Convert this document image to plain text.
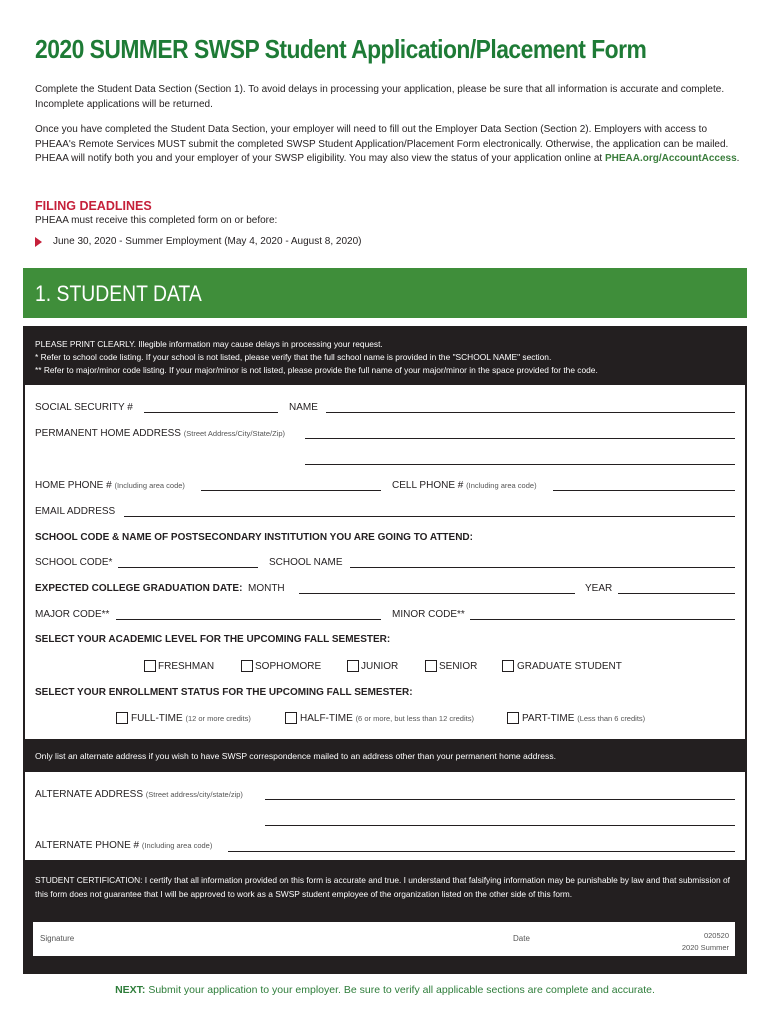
2020 SUMMER SWSP Student Application/Placement Form
Complete the Student Data Section (Section 1). To avoid delays in processing your application, please be sure that all information is accurate and complete. Incomplete applications will be returned.
Once you have completed the Student Data Section, your employer will need to fill out the Employer Data Section (Section 2). Employers with access to PHEAA's Remote Services MUST submit the completed SWSP Student Application/Placement Form electronically. Otherwise, the application can be mailed. PHEAA will notify both you and your employer of your SWSP eligibility. You may also view the status of your application online at PHEAA.org/AccountAccess.
FILING DEADLINES
PHEAA must receive this completed form on or before:
June 30, 2020 - Summer Employment (May 4, 2020 - August 8, 2020)
1. STUDENT DATA
PLEASE PRINT CLEARLY. Illegible information may cause delays in processing your request.
* Refer to school code listing. If your school is not listed, please verify that the full school name is provided in the "SCHOOL NAME" section.
** Refer to major/minor code listing. If your major/minor is not listed, please provide the full name of your major/minor in the space provided for the code.
SOCIAL SECURITY #	NAME
PERMANENT HOME ADDRESS (Street Address/City/State/Zip)
HOME PHONE # (Including area code)	CELL PHONE # (Including area code)
EMAIL ADDRESS
SCHOOL CODE & NAME OF POSTSECONDARY INSTITUTION YOU ARE GOING TO ATTEND:
SCHOOL CODE*	SCHOOL NAME
EXPECTED COLLEGE GRADUATION DATE: MONTH	YEAR
MAJOR CODE**	MINOR CODE**
SELECT YOUR ACADEMIC LEVEL FOR THE UPCOMING FALL SEMESTER:
FRESHMAN	SOPHOMORE	JUNIOR	SENIOR	GRADUATE STUDENT
SELECT YOUR ENROLLMENT STATUS FOR THE UPCOMING FALL SEMESTER:
FULL-TIME (12 or more credits)	HALF-TIME (6 or more, but less than 12 credits)	PART-TIME (Less than 6 credits)
Only list an alternate address if you wish to have SWSP correspondence mailed to an address other than your permanent home address.
ALTERNATE ADDRESS (Street address/city/state/zip)
ALTERNATE PHONE # (Including area code)
STUDENT CERTIFICATION: I certify that all information provided on this form is accurate and true. I understand that falsifying information may be punishable by law and that submission of this form does not guarantee that I will be approved to work as a SWSP student employee of the organization listed on the other side of this form.
Signature	Date	020520
2020 Summer
NEXT: Submit your application to your employer. Be sure to verify all applicable sections are complete and accurate.
